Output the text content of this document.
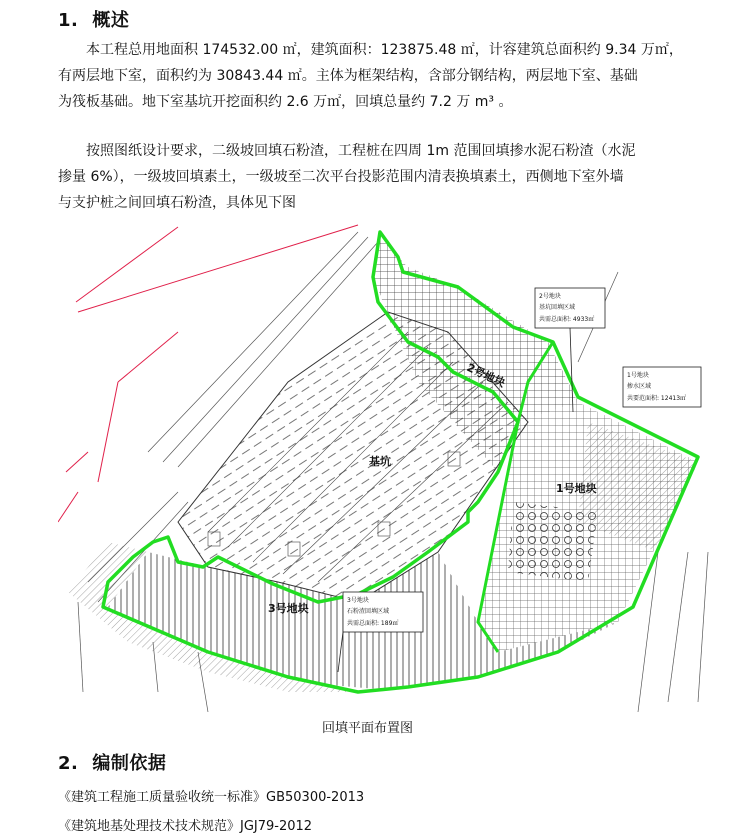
1. 概述
本工程总用地面积 174532.00 ㎡，建筑面积：123875.48 ㎡，计容建筑总面积约 9.34 万㎡，
有两层地下室，面积约为 30843.44 ㎡。主体为框架结构，含部分钢结构，两层地下室、基础
为筏板基础。地下室基坑开挖面积约 2.6 万㎡，回填总量约 7.2 万 m³ 。
按照图纸设计要求，二级坡回填石粉渣，工程桩在四周 1m 范围回填掺水泥石粉渣（水泥
掺量 6%），一级坡回填素土，一级坡至二次平台投影范围内清表换填素土，西侧地下室外墙
与支护桩之间回填石粉渣，具体见下图
基坑
1号地块
2号地块
3号地块
2号地块
基坑回填区域
共需总面积: 4933㎡
1号地块
掺水区域
共要范面积: 12413㎡
3号地块
石粉渣回填区域
共需总面积: 189㎡
回填平面布置图
2. 编制依据
《建筑工程施工质量验收统一标准》GB50300-2013
《建筑地基处理技术技术规范》JGJ79-2012
